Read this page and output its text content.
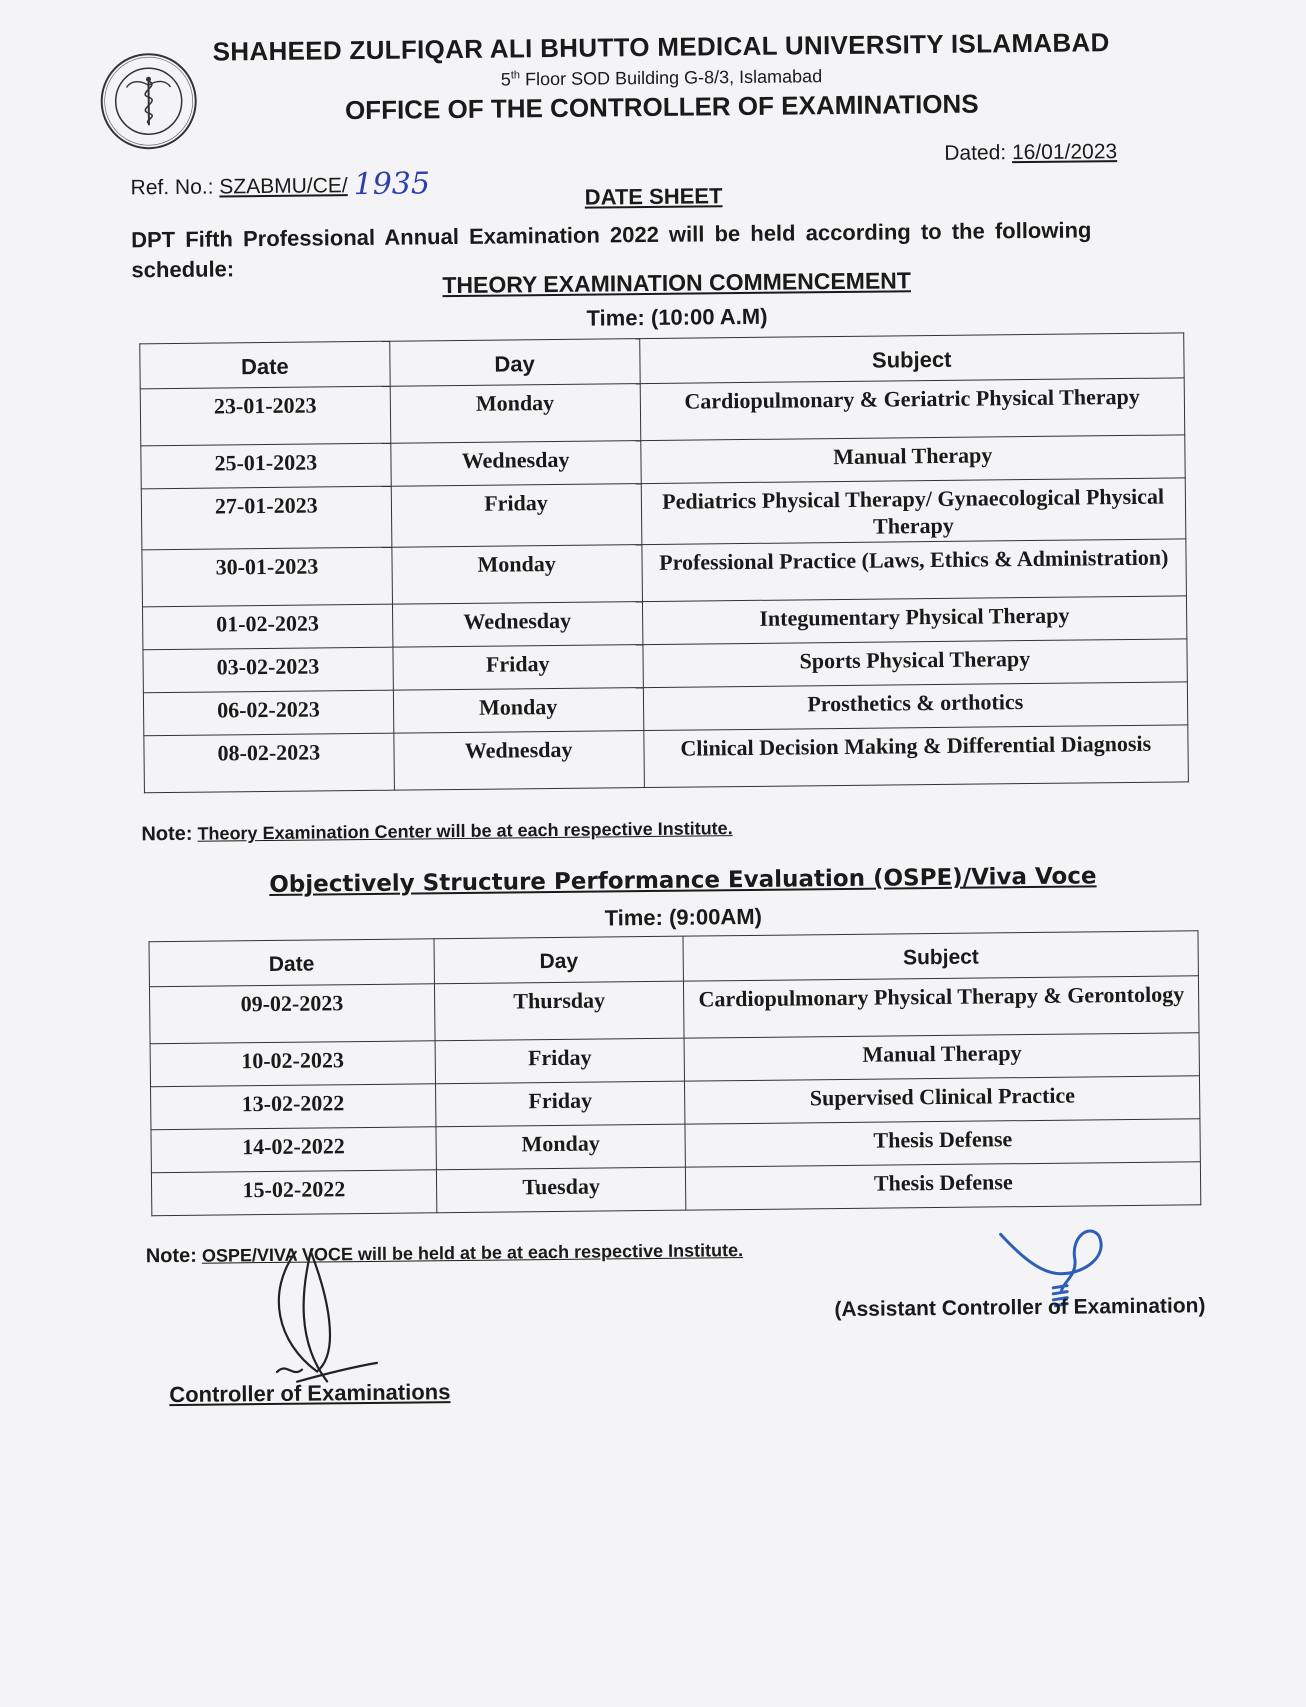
SHAHEED ZULFIQAR ALI BHUTTO MEDICAL UNIVERSITY ISLAMABAD
5th Floor SOD Building G-8/3, Islamabad
OFFICE OF THE CONTROLLER OF EXAMINATIONS
Ref. No.: SZABMU/CE/ 1935
Dated: 16/01/2023
DATE SHEET
DPT Fifth Professional Annual Examination 2022 will be held according to the following schedule:	THEORY EXAMINATION COMMENCEMENT
Time: (10:00 A.M)
Date	Day	Subject
23-01-2023	Monday	Cardiopulmonary & Geriatric Physical Therapy
25-01-2023	Wednesday	Manual Therapy
27-01-2023	Friday	Pediatrics Physical Therapy/ Gynaecological Physical Therapy
30-01-2023	Monday	Professional Practice (Laws, Ethics & Administration)
01-02-2023	Wednesday	Integumentary Physical Therapy
03-02-2023	Friday	Sports Physical Therapy
06-02-2023	Monday	Prosthetics & orthotics
08-02-2023	Wednesday	Clinical Decision Making & Differential Diagnosis
Note: Theory Examination Center will be at each respective Institute.
Objectively Structure Performance Evaluation (OSPE)/Viva Voce
Time: (9:00AM)
Date	Day	Subject
09-02-2023	Thursday	Cardiopulmonary Physical Therapy & Gerontology
10-02-2023	Friday	Manual Therapy
13-02-2022	Friday	Supervised Clinical Practice
14-02-2022	Monday	Thesis Defense
15-02-2022	Tuesday	Thesis Defense
Note: OSPE/VIVA VOCE will be held at be at each respective Institute.
(Assistant Controller of Examination)
Controller of Examinations
